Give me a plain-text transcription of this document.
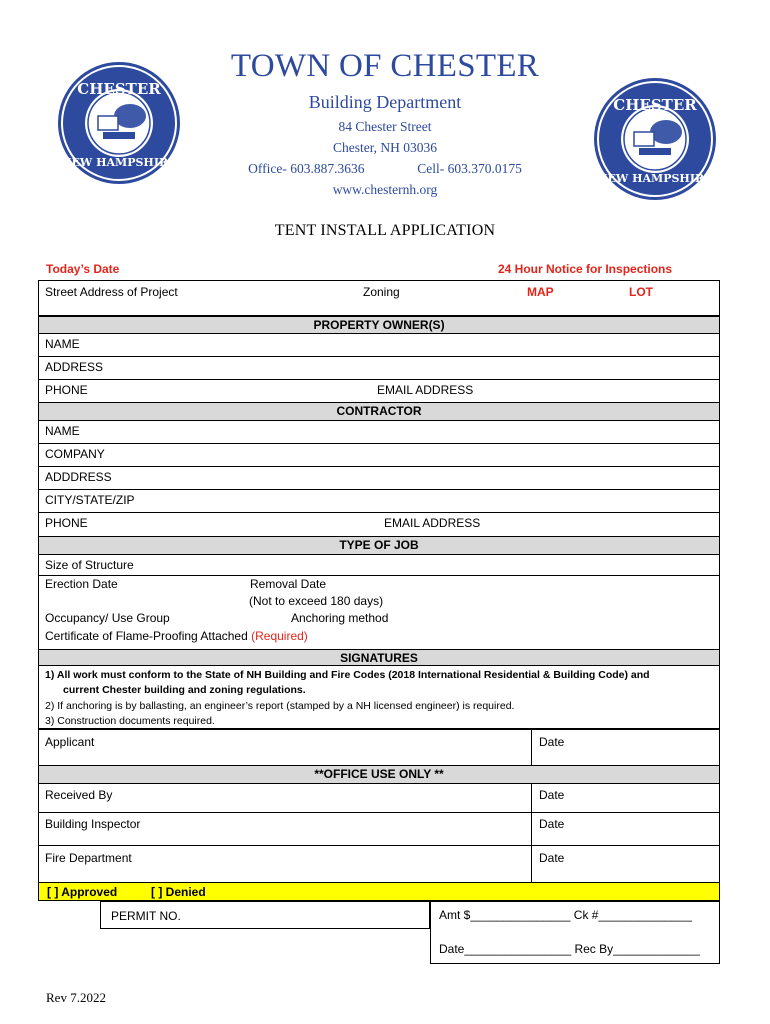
CHESTER
NEW HAMPSHIRE
CHESTER
NEW HAMPSHIRE
TOWN OF CHESTER
Building Department
84 Chester Street
Chester, NH 03036
Office- 603.887.3636	Cell- 603.370.0175
www.chesternh.org
TENT INSTALL APPLICATION
Today’s Date	24 Hour Notice for Inspections
Street Address of Project	Zoning	MAP	LOT
PROPERTY OWNER(S)
NAME
ADDRESS
PHONE	EMAIL ADDRESS
CONTRACTOR
NAME
COMPANY
ADDDRESS
CITY/STATE/ZIP
PHONE	EMAIL ADDRESS
TYPE OF JOB
Size of Structure
Erection Date	Removal Date
(Not to exceed 180 days)
Occupancy/ Use Group	Anchoring method
Certificate of Flame-Proofing Attached (Required)
SIGNATURES
1) All work must conform to the State of NH Building and Fire Codes (2018 International Residential & Building Code) and
current Chester building and zoning regulations.
2) If anchoring is by ballasting, an engineer’s report (stamped by a NH licensed engineer) is required.
3) Construction documents required.
Applicant	Date
**OFFICE USE ONLY **
Received By	Date
Building Inspector	Date
Fire Department	Date
[ ] Approved	[ ] Denied
PERMIT NO.	Amt $_______________ Ck #______________
Date________________ Rec By_____________
Rev 7.2022
